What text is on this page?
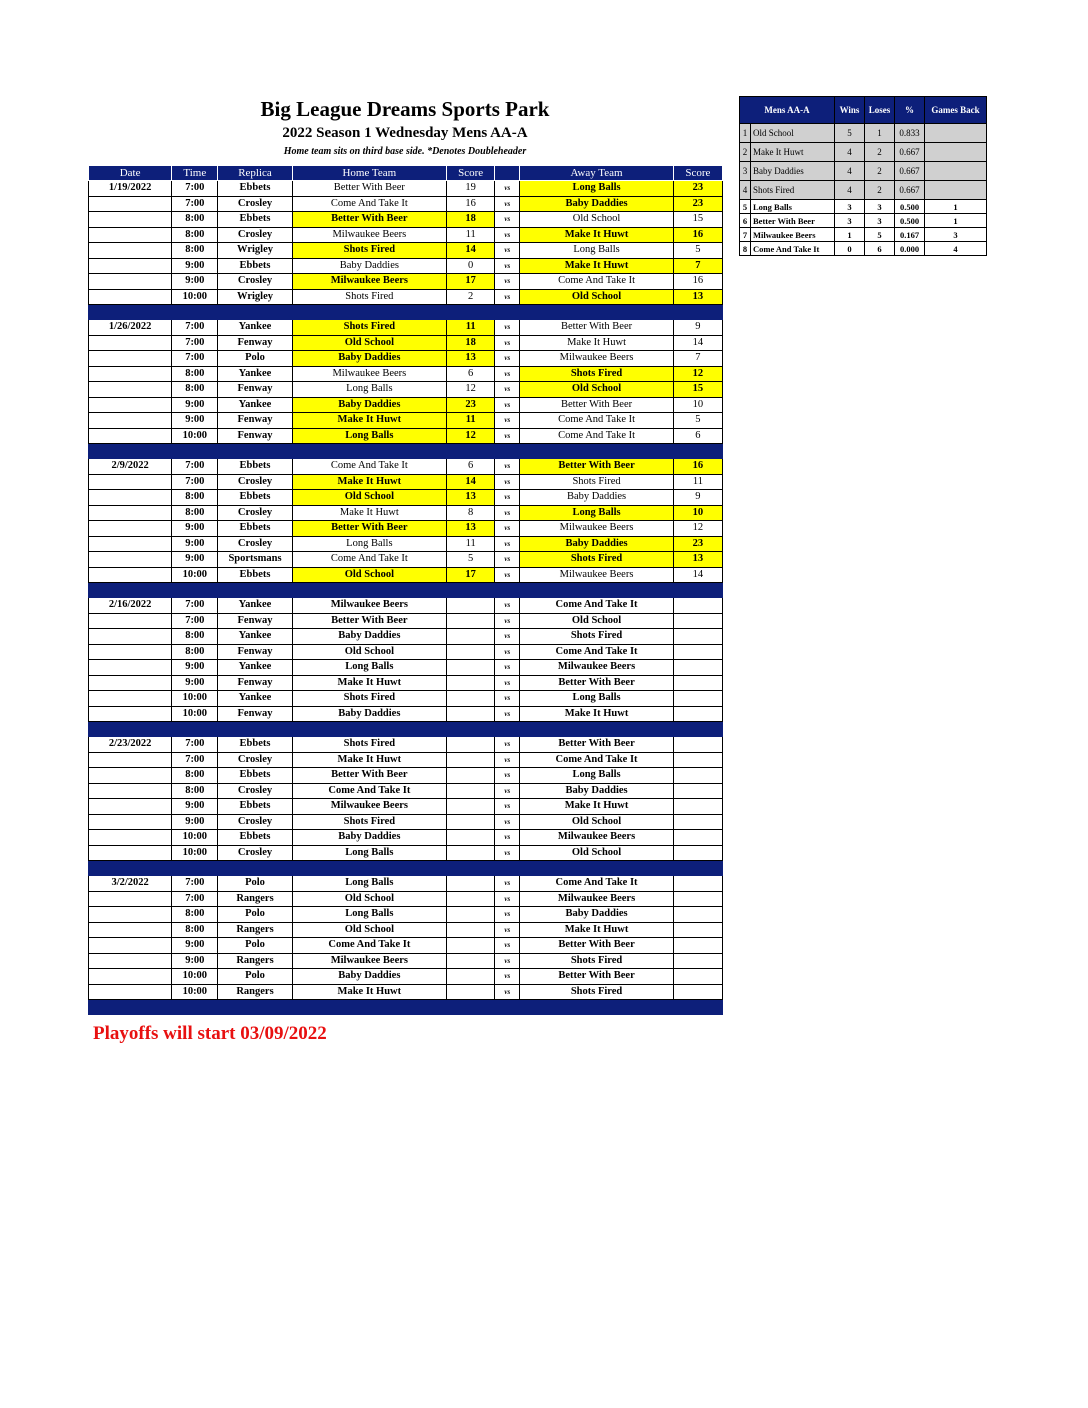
Big League Dreams Sports Park
2022 Season 1 Wednesday Mens AA-A
Home team sits on third base side. *Denotes Doubleheader
Date	Time	Replica	Home Team	Score		Away Team	Score
1/19/2022	7:00	Ebbets	Better With Beer	19	vs	Long Balls	23
	7:00	Crosley	Come And Take It	16	vs	Baby Daddies	23
	8:00	Ebbets	Better With Beer	18	vs	Old School	15
	8:00	Crosley	Milwaukee Beers	11	vs	Make It Huwt	16
	8:00	Wrigley	Shots Fired	14	vs	Long Balls	5
	9:00	Ebbets	Baby Daddies	0	vs	Make It Huwt	7
	9:00	Crosley	Milwaukee Beers	17	vs	Come And Take It	16
	10:00	Wrigley	Shots Fired	2	vs	Old School	13

1/26/2022	7:00	Yankee	Shots Fired	11	vs	Better With Beer	9
	7:00	Fenway	Old School	18	vs	Make It Huwt	14
	7:00	Polo	Baby Daddies	13	vs	Milwaukee Beers	7
	8:00	Yankee	Milwaukee Beers	6	vs	Shots Fired	12
	8:00	Fenway	Long Balls	12	vs	Old School	15
	9:00	Yankee	Baby Daddies	23	vs	Better With Beer	10
	9:00	Fenway	Make It Huwt	11	vs	Come And Take It	5
	10:00	Fenway	Long Balls	12	vs	Come And Take It	6

2/9/2022	7:00	Ebbets	Come And Take It	6	vs	Better With Beer	16
	7:00	Crosley	Make It Huwt	14	vs	Shots Fired	11
	8:00	Ebbets	Old School	13	vs	Baby Daddies	9
	8:00	Crosley	Make It Huwt	8	vs	Long Balls	10
	9:00	Ebbets	Better With Beer	13	vs	Milwaukee Beers	12
	9:00	Crosley	Long Balls	11	vs	Baby Daddies	23
	9:00	Sportsmans	Come And Take It	5	vs	Shots Fired	13
	10:00	Ebbets	Old School	17	vs	Milwaukee Beers	14

2/16/2022	7:00	Yankee	Milwaukee Beers		vs	Come And Take It	
	7:00	Fenway	Better With Beer		vs	Old School	
	8:00	Yankee	Baby Daddies		vs	Shots Fired	
	8:00	Fenway	Old School		vs	Come And Take It	
	9:00	Yankee	Long Balls		vs	Milwaukee Beers	
	9:00	Fenway	Make It Huwt		vs	Better With Beer	
	10:00	Yankee	Shots Fired		vs	Long Balls	
	10:00	Fenway	Baby Daddies		vs	Make It Huwt	

2/23/2022	7:00	Ebbets	Shots Fired		vs	Better With Beer	
	7:00	Crosley	Make It Huwt		vs	Come And Take It	
	8:00	Ebbets	Better With Beer		vs	Long Balls	
	8:00	Crosley	Come And Take It		vs	Baby Daddies	
	9:00	Ebbets	Milwaukee Beers		vs	Make It Huwt	
	9:00	Crosley	Shots Fired		vs	Old School	
	10:00	Ebbets	Baby Daddies		vs	Milwaukee Beers	
	10:00	Crosley	Long Balls		vs	Old School	

3/2/2022	7:00	Polo	Long Balls		vs	Come And Take It	
	7:00	Rangers	Old School		vs	Milwaukee Beers	
	8:00	Polo	Long Balls		vs	Baby Daddies	
	8:00	Rangers	Old School		vs	Make It Huwt	
	9:00	Polo	Come And Take It		vs	Better With Beer	
	9:00	Rangers	Milwaukee Beers		vs	Shots Fired	
	10:00	Polo	Baby Daddies		vs	Better With Beer	
	10:00	Rangers	Make It Huwt		vs	Shots Fired	

Mens AA-A		Wins	Loses	%	Games Back
1	Old School	5	1	0.833	
2	Make It Huwt	4	2	0.667	
3	Baby Daddies	4	2	0.667	
4	Shots Fired	4	2	0.667	
5	Long Balls	3	3	0.500	1
6	Better With Beer	3	3	0.500	1
7	Milwaukee Beers	1	5	0.167	3
8	Come And Take It	0	6	0.000	4
Playoffs will start 03/09/2022
